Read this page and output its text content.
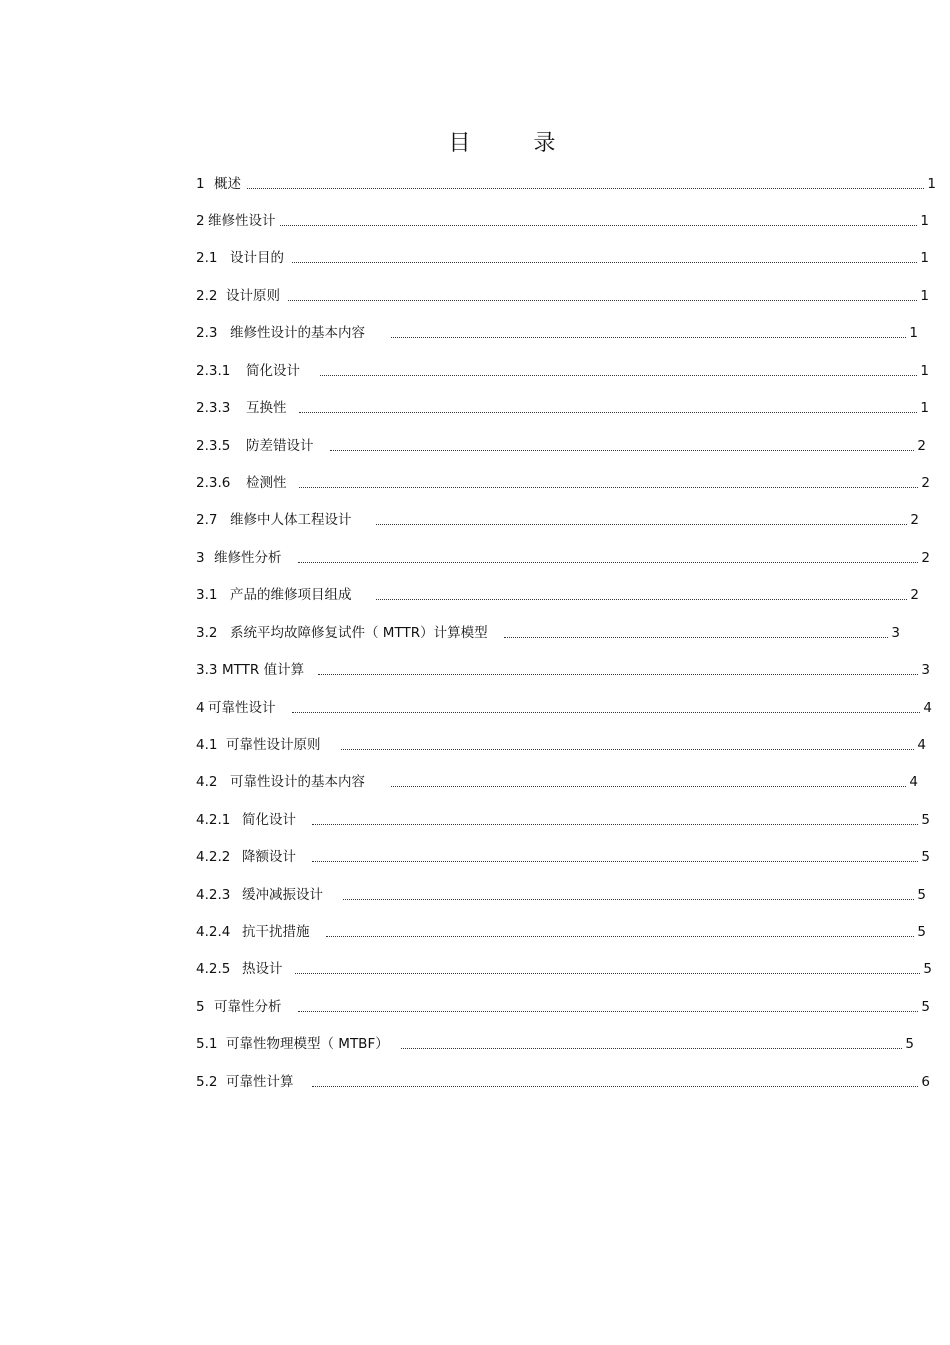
目 录
1 概述	1
2 维修性设计	1
2.1 设计目的	1
2.2 设计原则	1
2.3 维修性设计的基本内容	1
2.3.1	简化设计	1
2.3.3	互换性	1
2.3.5	防差错设计	2
2.3.6	检测性	2
2.7 维修中人体工程设计	2
3 维修性分析	2
3.1 产品的维修项目组成	2
3.2 系统平均故障修复试件（ MTTR）计算模型	3
3.3 MTTR 值计算	3
4 可靠性设计	4
4.1 可靠性设计原则	4
4.2 可靠性设计的基本内容	4
4.2.1 简化设计	5
4.2.2 降额设计	5
4.2.3 缓冲减振设计	5
4.2.4 抗干扰措施	5
4.2.5 热设计	5
5 可靠性分析	5
5.1 可靠性物理模型（ MTBF）	5
5.2 可靠性计算	6
